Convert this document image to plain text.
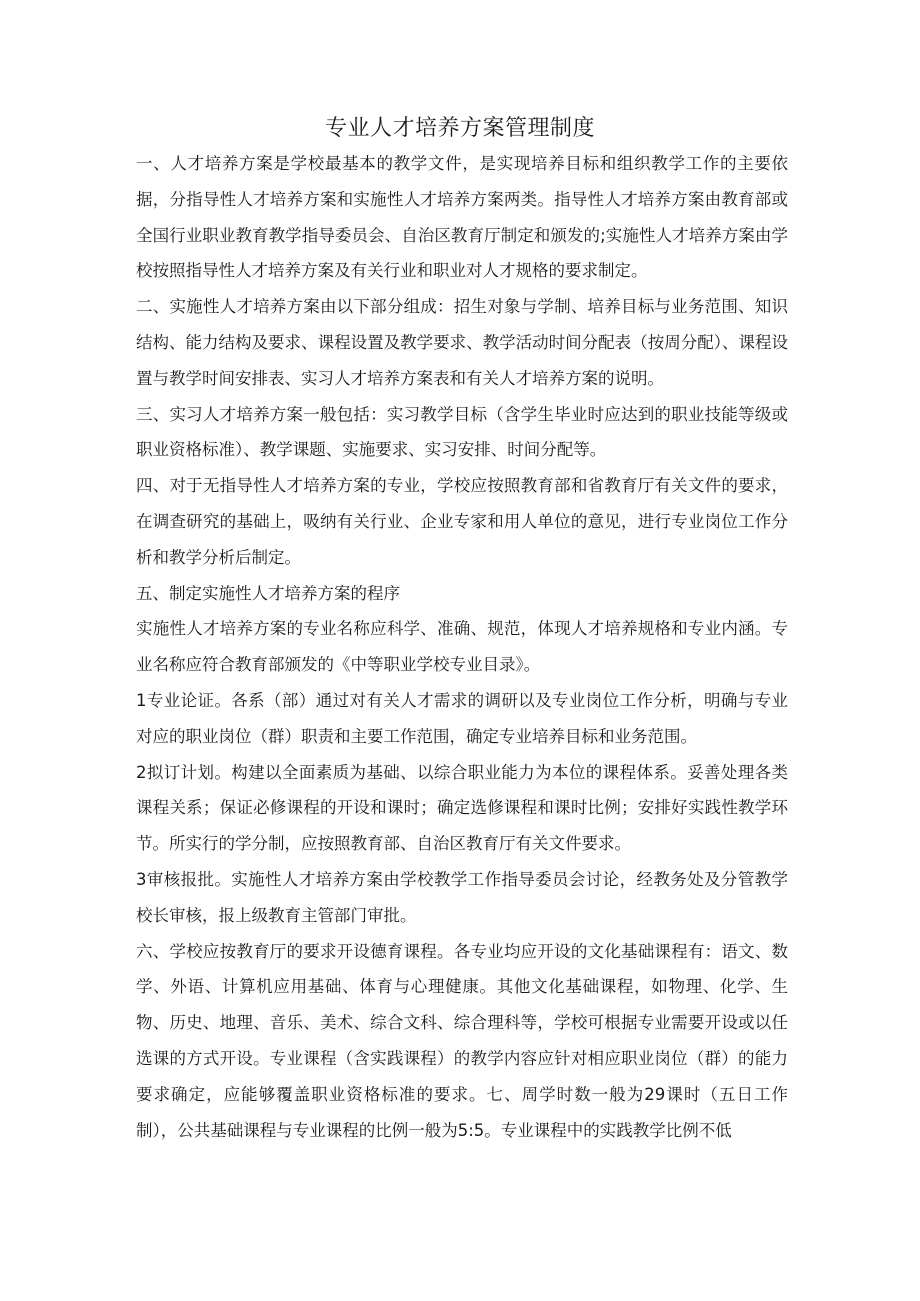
专业人才培养方案管理制度

一、人才培养方案是学校最基本的教学文件，是实现培养目标和组织教学工作的主要依据，分指导性人才培养方案和实施性人才培养方案两类。指导性人才培养方案由教育部或全国行业职业教育教学指导委员会、自治区教育厅制定和颁发的;实施性人才培养方案由学校按照指导性人才培养方案及有关行业和职业对人才规格的要求制定。

二、实施性人才培养方案由以下部分组成：招生对象与学制、培养目标与业务范围、知识结构、能力结构及要求、课程设置及教学要求、教学活动时间分配表（按周分配）、课程设置与教学时间安排表、实习人才培养方案表和有关人才培养方案的说明。

三、实习人才培养方案一般包括：实习教学目标（含学生毕业时应达到的职业技能等级或职业资格标准）、教学课题、实施要求、实习安排、时间分配等。

四、对于无指导性人才培养方案的专业，学校应按照教育部和省教育厅有关文件的要求，在调查研究的基础上，吸纳有关行业、企业专家和用人单位的意见，进行专业岗位工作分析和教学分析后制定。

五、制定实施性人才培养方案的程序

实施性人才培养方案的专业名称应科学、准确、规范，体现人才培养规格和专业内涵。专业名称应符合教育部颁发的《中等职业学校专业目录》。

1专业论证。各系（部）通过对有关人才需求的调研以及专业岗位工作分析，明确与专业对应的职业岗位（群）职责和主要工作范围，确定专业培养目标和业务范围。

2拟订计划。构建以全面素质为基础、以综合职业能力为本位的课程体系。妥善处理各类课程关系；保证必修课程的开设和课时；确定选修课程和课时比例；安排好实践性教学环节。所实行的学分制，应按照教育部、自治区教育厅有关文件要求。

3审核报批。实施性人才培养方案由学校教学工作指导委员会讨论，经教务处及分管教学校长审核，报上级教育主管部门审批。

六、学校应按教育厅的要求开设德育课程。各专业均应开设的文化基础课程有：语文、数学、外语、计算机应用基础、体育与心理健康。其他文化基础课程，如物理、化学、生物、历史、地理、音乐、美术、综合文科、综合理科等，学校可根据专业需要开设或以任选课的方式开设。专业课程（含实践课程）的教学内容应针对相应职业岗位（群）的能力要求确定，应能够覆盖职业资格标准的要求。七、周学时数一般为29课时（五日工作制），公共基础课程与专业课程的比例一般为5:5。专业课程中的实践教学比例不低
